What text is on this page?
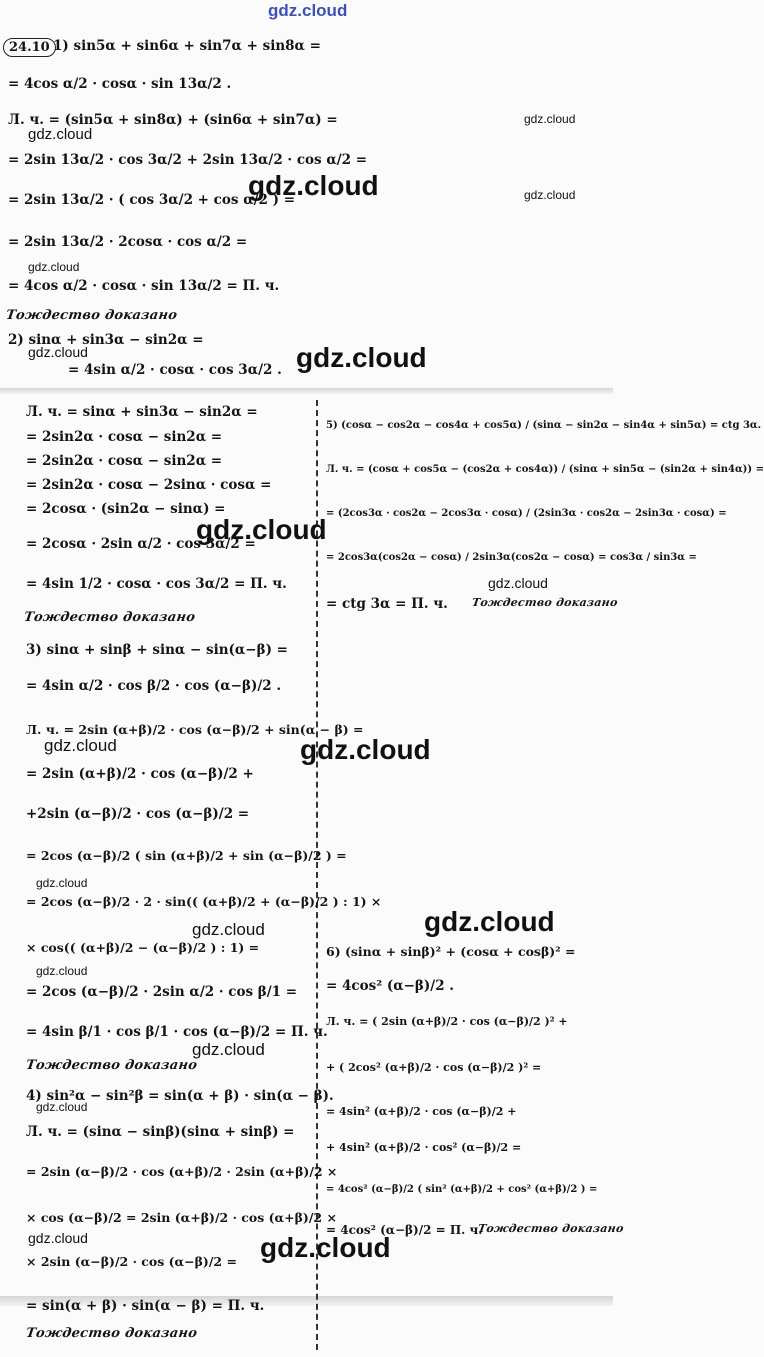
gdz.cloud
24.10 1) sin5α + sin6α + sin7α + sin8α =
= 4cos α/2 · cosα · sin 13α/2 .
Л. ч. = (sin5α + sin8α) + (sin6α + sin7α) =
= 2sin 13α/2 · cos 3α/2 + 2sin 13α/2 · cos α/2 =
= 2sin 13α/2 · ( cos 3α/2 + cos α/2 ) =
= 2sin 13α/2 · 2cosα · cos α/2 =
= 4cos α/2 · cosα · sin 13α/2 = П. ч.
Тождество доказано
2) sinα + sin3α − sin2α =
= 4sin α/2 · cosα · cos 3α/2 .
Л. ч. = sinα + sin3α − sin2α =
= 2sin2α · cosα − sin2α =
= 2sin2α · cosα − sin2α =
= 2sin2α · cosα − 2sinα · cosα =
= 2cosα · (sin2α − sinα) =
= 2cosα · 2sin α/2 · cos 3α/2 =
= 4sin 1/2 · cosα · cos 3α/2 = П. ч.
Тождество доказано
3) sinα + sinβ + sinα − sin(α−β) =
= 4sin α/2 · cos β/2 · cos (α−β)/2 .
Л. ч. = 2sin (α+β)/2 · cos (α−β)/2 + sin(α − β) =
= 2sin (α+β)/2 · cos (α−β)/2 +
+2sin (α−β)/2 · cos (α−β)/2 =
= 2cos (α−β)/2 ( sin (α+β)/2 + sin (α−β)/2 ) =
= 2cos (α−β)/2 · 2 · sin(( (α+β)/2 + (α−β)/2 ) : 1) ×
× cos(( (α+β)/2 − (α−β)/2 ) : 1) =
= 2cos (α−β)/2 · 2sin α/2 · cos β/1 =
= 4sin β/1 · cos β/1 · cos (α−β)/2 = П. ч.
Тождество доказано
4) sin²α − sin²β = sin(α + β) · sin(α − β).
Л. ч. = (sinα − sinβ)(sinα + sinβ) =
= 2sin (α−β)/2 · cos (α+β)/2 · 2sin (α+β)/2 ×
× cos (α−β)/2 = 2sin (α+β)/2 · cos (α+β)/2 ×
× 2sin (α−β)/2 · cos (α−β)/2 =
= sin(α + β) · sin(α − β) = П. ч.
Тождество доказано
5) (cosα − cos2α − cos4α + cos5α) / (sinα − sin2α − sin4α + sin5α) = ctg 3α.
Л. ч. = (cosα + cos5α − (cos2α + cos4α)) / (sinα + sin5α − (sin2α + sin4α)) =
= (2cos3α · cos2α − 2cos3α · cosα) / (2sin3α · cos2α − 2sin3α · cosα) =
= 2cos3α(cos2α − cosα) / 2sin3α(cos2α − cosα) = cos3α / sin3α =
= ctg 3α = П. ч. Тождество доказано
6) (sinα + sinβ)² + (cosα + cosβ)² =
= 4cos² (α−β)/2 .
Л. ч. = ( 2sin (α+β)/2 · cos (α−β)/2 )² +
+ ( 2cos² (α+β)/2 · cos (α−β)/2 )² =
= 4sin² (α+β)/2 · cos (α−β)/2 +
+ 4sin² (α+β)/2 · cos² (α−β)/2 =
= 4cos² (α−β)/2 ( sin² (α+β)/2 + cos² (α+β)/2 ) =
= 4cos² (α−β)/2 = П. ч.
Тождество доказано
gdz.cloud
gdz.cloud
gdz.cloud	gdz.cloud
gdz.cloud
gdz.cloud	gdz.cloud
gdz.cloud
gdz.cloud
gdz.cloud
gdz.cloud
gdz.cloud
gdz.cloud
gdz.cloud
gdz.cloud
gdz.cloud
gdz.cloud
gdz.cloud	gdz.cloud
